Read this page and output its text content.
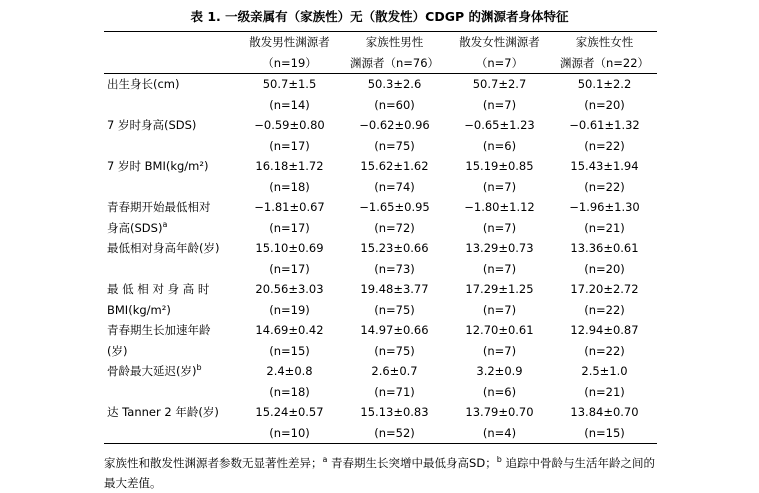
表 1. 一级亲属有（家族性）无（散发性）CDGP 的渊源者身体特征
	散发男性渊源者	家族性男性	散发女性渊源者	家族性女性
	（n=19）	渊源者（n=76）	（n=7）	渊源者（n=22）
出生身长(cm)	50.7±1.5	50.3±2.6	50.7±2.7	50.1±2.2
	(n=14)	(n=60)	(n=7)	(n=20)
7 岁时身高(SDS)	−0.59±0.80	−0.62±0.96	−0.65±1.23	−0.61±1.32
	(n=17)	(n=75)	(n=6)	(n=22)
7 岁时 BMI(kg/m²)	16.18±1.72	15.62±1.62	15.19±0.85	15.43±1.94
	(n=18)	(n=74)	(n=7)	(n=22)
青春期开始最低相对	−1.81±0.67	−1.65±0.95	−1.80±1.12	−1.96±1.30
身高(SDS)$^a$	(n=17)	(n=72)	(n=7)	(n=21)
最低相对身高年龄(岁)	15.10±0.69	15.23±0.66	13.29±0.73	13.36±0.61
	(n=17)	(n=73)	(n=7)	(n=20)
最 低 相 对 身 高 时	20.56±3.03	19.48±3.77	17.29±1.25	17.20±2.72
BMI(kg/m²)	(n=19)	(n=75)	(n=7)	(n=22)
青春期生长加速年龄	14.69±0.42	14.97±0.66	12.70±0.61	12.94±0.87
(岁)	(n=15)	(n=75)	(n=7)	(n=22)
骨龄最大延迟(岁)$^b$	2.4±0.8	2.6±0.7	3.2±0.9	2.5±1.0
	(n=18)	(n=71)	(n=6)	(n=21)
达 Tanner 2 年龄(岁)	15.24±0.57	15.13±0.83	13.79±0.70	13.84±0.70
	(n=10)	(n=52)	(n=4)	(n=15)
家族性和散发性渊源者参数无显著性差异；$^a$ 青春期生长突增中最低身高SD；$^b$ 追踪中骨龄与生活年龄之间的最大差值。
